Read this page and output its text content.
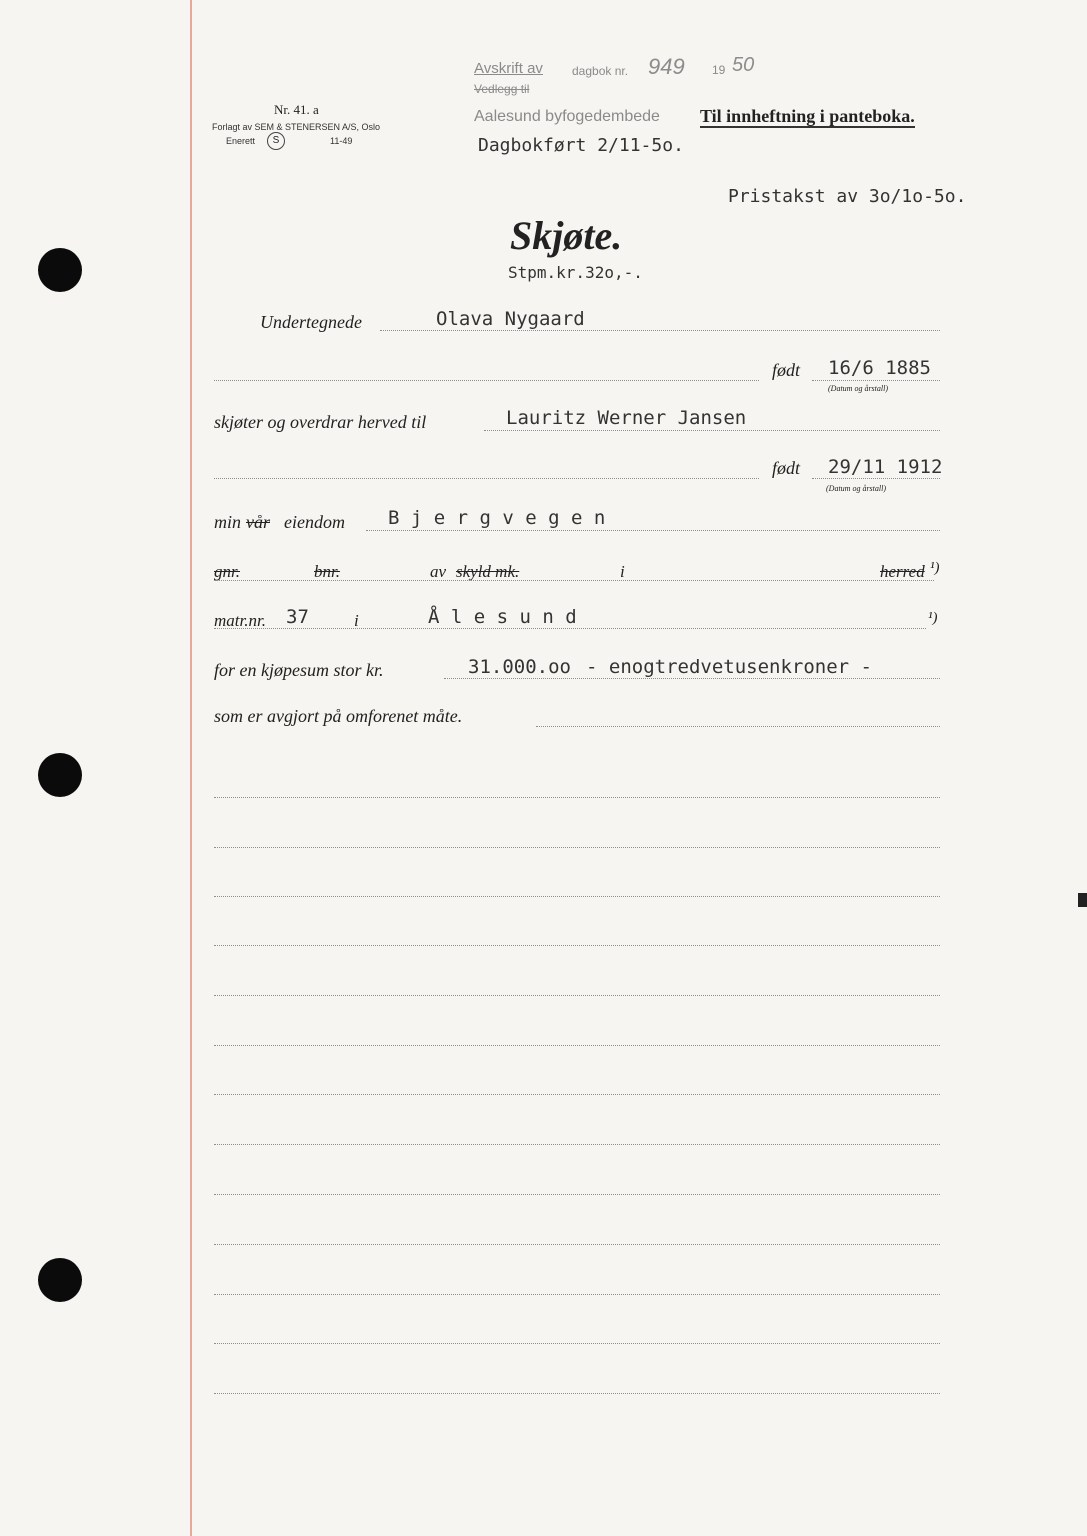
Nr. 41. a
Forlagt av SEM & STENERSEN A/S, Oslo
Enerett	S	11-49
Avskrift av
Vedlegg til
dagbok nr. 949 19 50
Aalesund byfogedembede Til innheftning i panteboka.
Dagbokført 2/11-5o.
Pristakst av 3o/1o-5o.
Skjøte.
Stpm.kr.32o,-.
Undertegnede	Olava Nygaard
født 16/6 1885
(Datum og årstall)
skjøter og overdrar herved til	Lauritz Werner Jansen
født 29/11 1912
(Datum og årstall)
min vår eiendom B j e r g v e g e n
gnr.	bnr.	av skyld mk.	i	herred ¹)
matr.nr. 37	i	Å l e s u n d	¹)
for en kjøpesum stor kr.	31.000.oo - enogtredvetusenkroner -
som er avgjort på omforenet måte.
